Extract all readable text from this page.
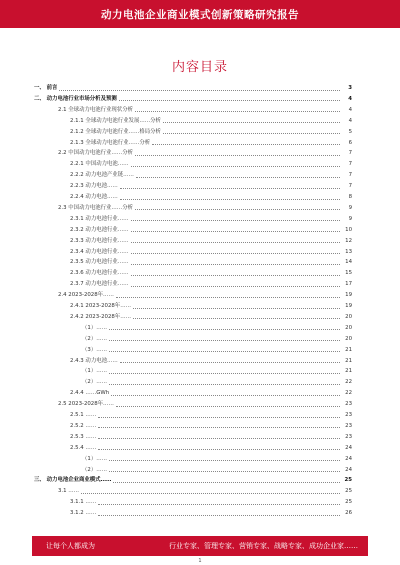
动力电池企业商业模式创新策略研究报告
内容目录
一、 前言	3
二、 动力电池行业市场分析及预测	4
2.1 全球动力电池行业现状分析	4
2.1.1 全球动力电池行业发展……分析	4
2.1.2 全球动力电池行业……格局分析	5
2.1.3 全球动力电池行业……分析	6
2.2 中国动力电池行业……分析	7
2.2.1 中国动力电池……	7
2.2.2 动力电池产业链……	7
2.2.3 动力电池……	7
2.2.4 动力电池……	8
2.3 中国动力电池行业……分析	9
2.3.1 动力电池行业……	9
2.3.2 动力电池行业……	10
2.3.3 动力电池行业……	12
2.3.4 动力电池行业……	13
2.3.5 动力电池行业……	14
2.3.6 动力电池行业……	15
2.3.7 动力电池行业……	17
2.4 2023-2028年……	19
2.4.1 2023-2028年……	19
2.4.2 2023-2028年……	20
（1）……	20
（2）……	20
（3）……	21
2.4.3 动力电池……	21
（1）……	21
（2）……	22
2.4.4 ……GWh	22
2.5 2023-2028年……	23
2.5.1 ……	23
2.5.2 ……	23
2.5.3 ……	23
2.5.4 ……	24
（1）……	24
（2）……	24
三、 动力电池企业商业模式……	25
3.1 ……	25
3.1.1 ……	25
3.1.2 ……	26
让每个人都成为	行业专家、管理专家、营销专家、战略专家、成功企业家……
1
